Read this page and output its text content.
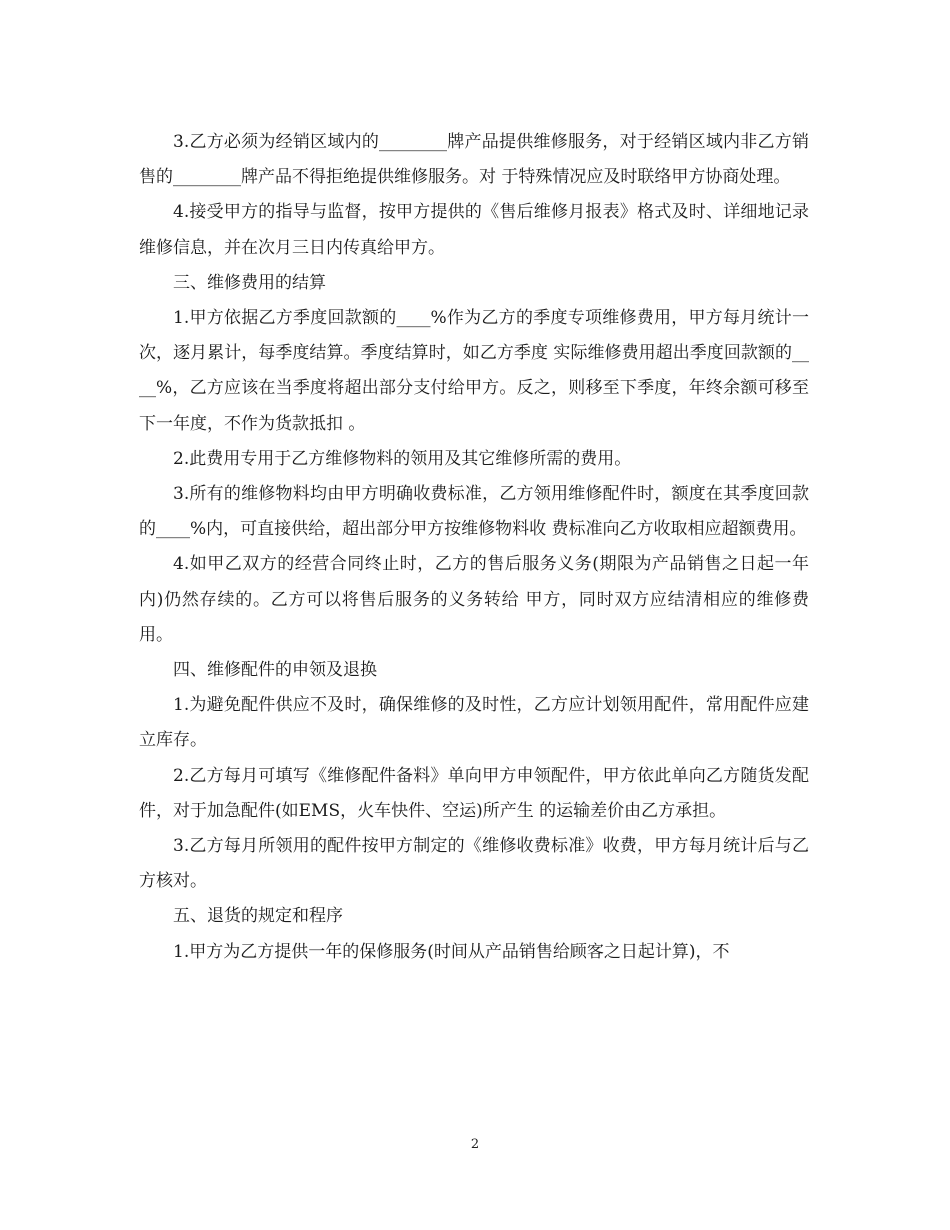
3.乙方必须为经销区域内的________牌产品提供维修服务，对于经销区域内非乙方销售的________牌产品不得拒绝提供维修服务。对 于特殊情况应及时联络甲方协商处理。

4.接受甲方的指导与监督，按甲方提供的《售后维修月报表》格式及时、详细地记录维修信息，并在次月三日内传真给甲方。

三、维修费用的结算

1.甲方依据乙方季度回款额的____%作为乙方的季度专项维修费用，甲方每月统计一次，逐月累计，每季度结算。季度结算时，如乙方季度 实际维修费用超出季度回款额的____%，乙方应该在当季度将超出部分支付给甲方。反之，则移至下季度，年终余额可移至下一年度，不作为货款抵扣 。

2.此费用专用于乙方维修物料的领用及其它维修所需的费用。

3.所有的维修物料均由甲方明确收费标准，乙方领用维修配件时，额度在其季度回款的____%内，可直接供给，超出部分甲方按维修物料收 费标准向乙方收取相应超额费用。

4.如甲乙双方的经营合同终止时，乙方的售后服务义务(期限为产品销售之日起一年内)仍然存续的。乙方可以将售后服务的义务转给 甲方，同时双方应结清相应的维修费用。

四、维修配件的申领及退换

1.为避免配件供应不及时，确保维修的及时性，乙方应计划领用配件，常用配件应建立库存。

2.乙方每月可填写《维修配件备料》单向甲方申领配件，甲方依此单向乙方随货发配件，对于加急配件(如EMS，火车快件、空运)所产生 的运输差价由乙方承担。

3.乙方每月所领用的配件按甲方制定的《维修收费标准》收费，甲方每月统计后与乙方核对。

五、退货的规定和程序

1.甲方为乙方提供一年的保修服务(时间从产品销售给顾客之日起计算)，不

2
